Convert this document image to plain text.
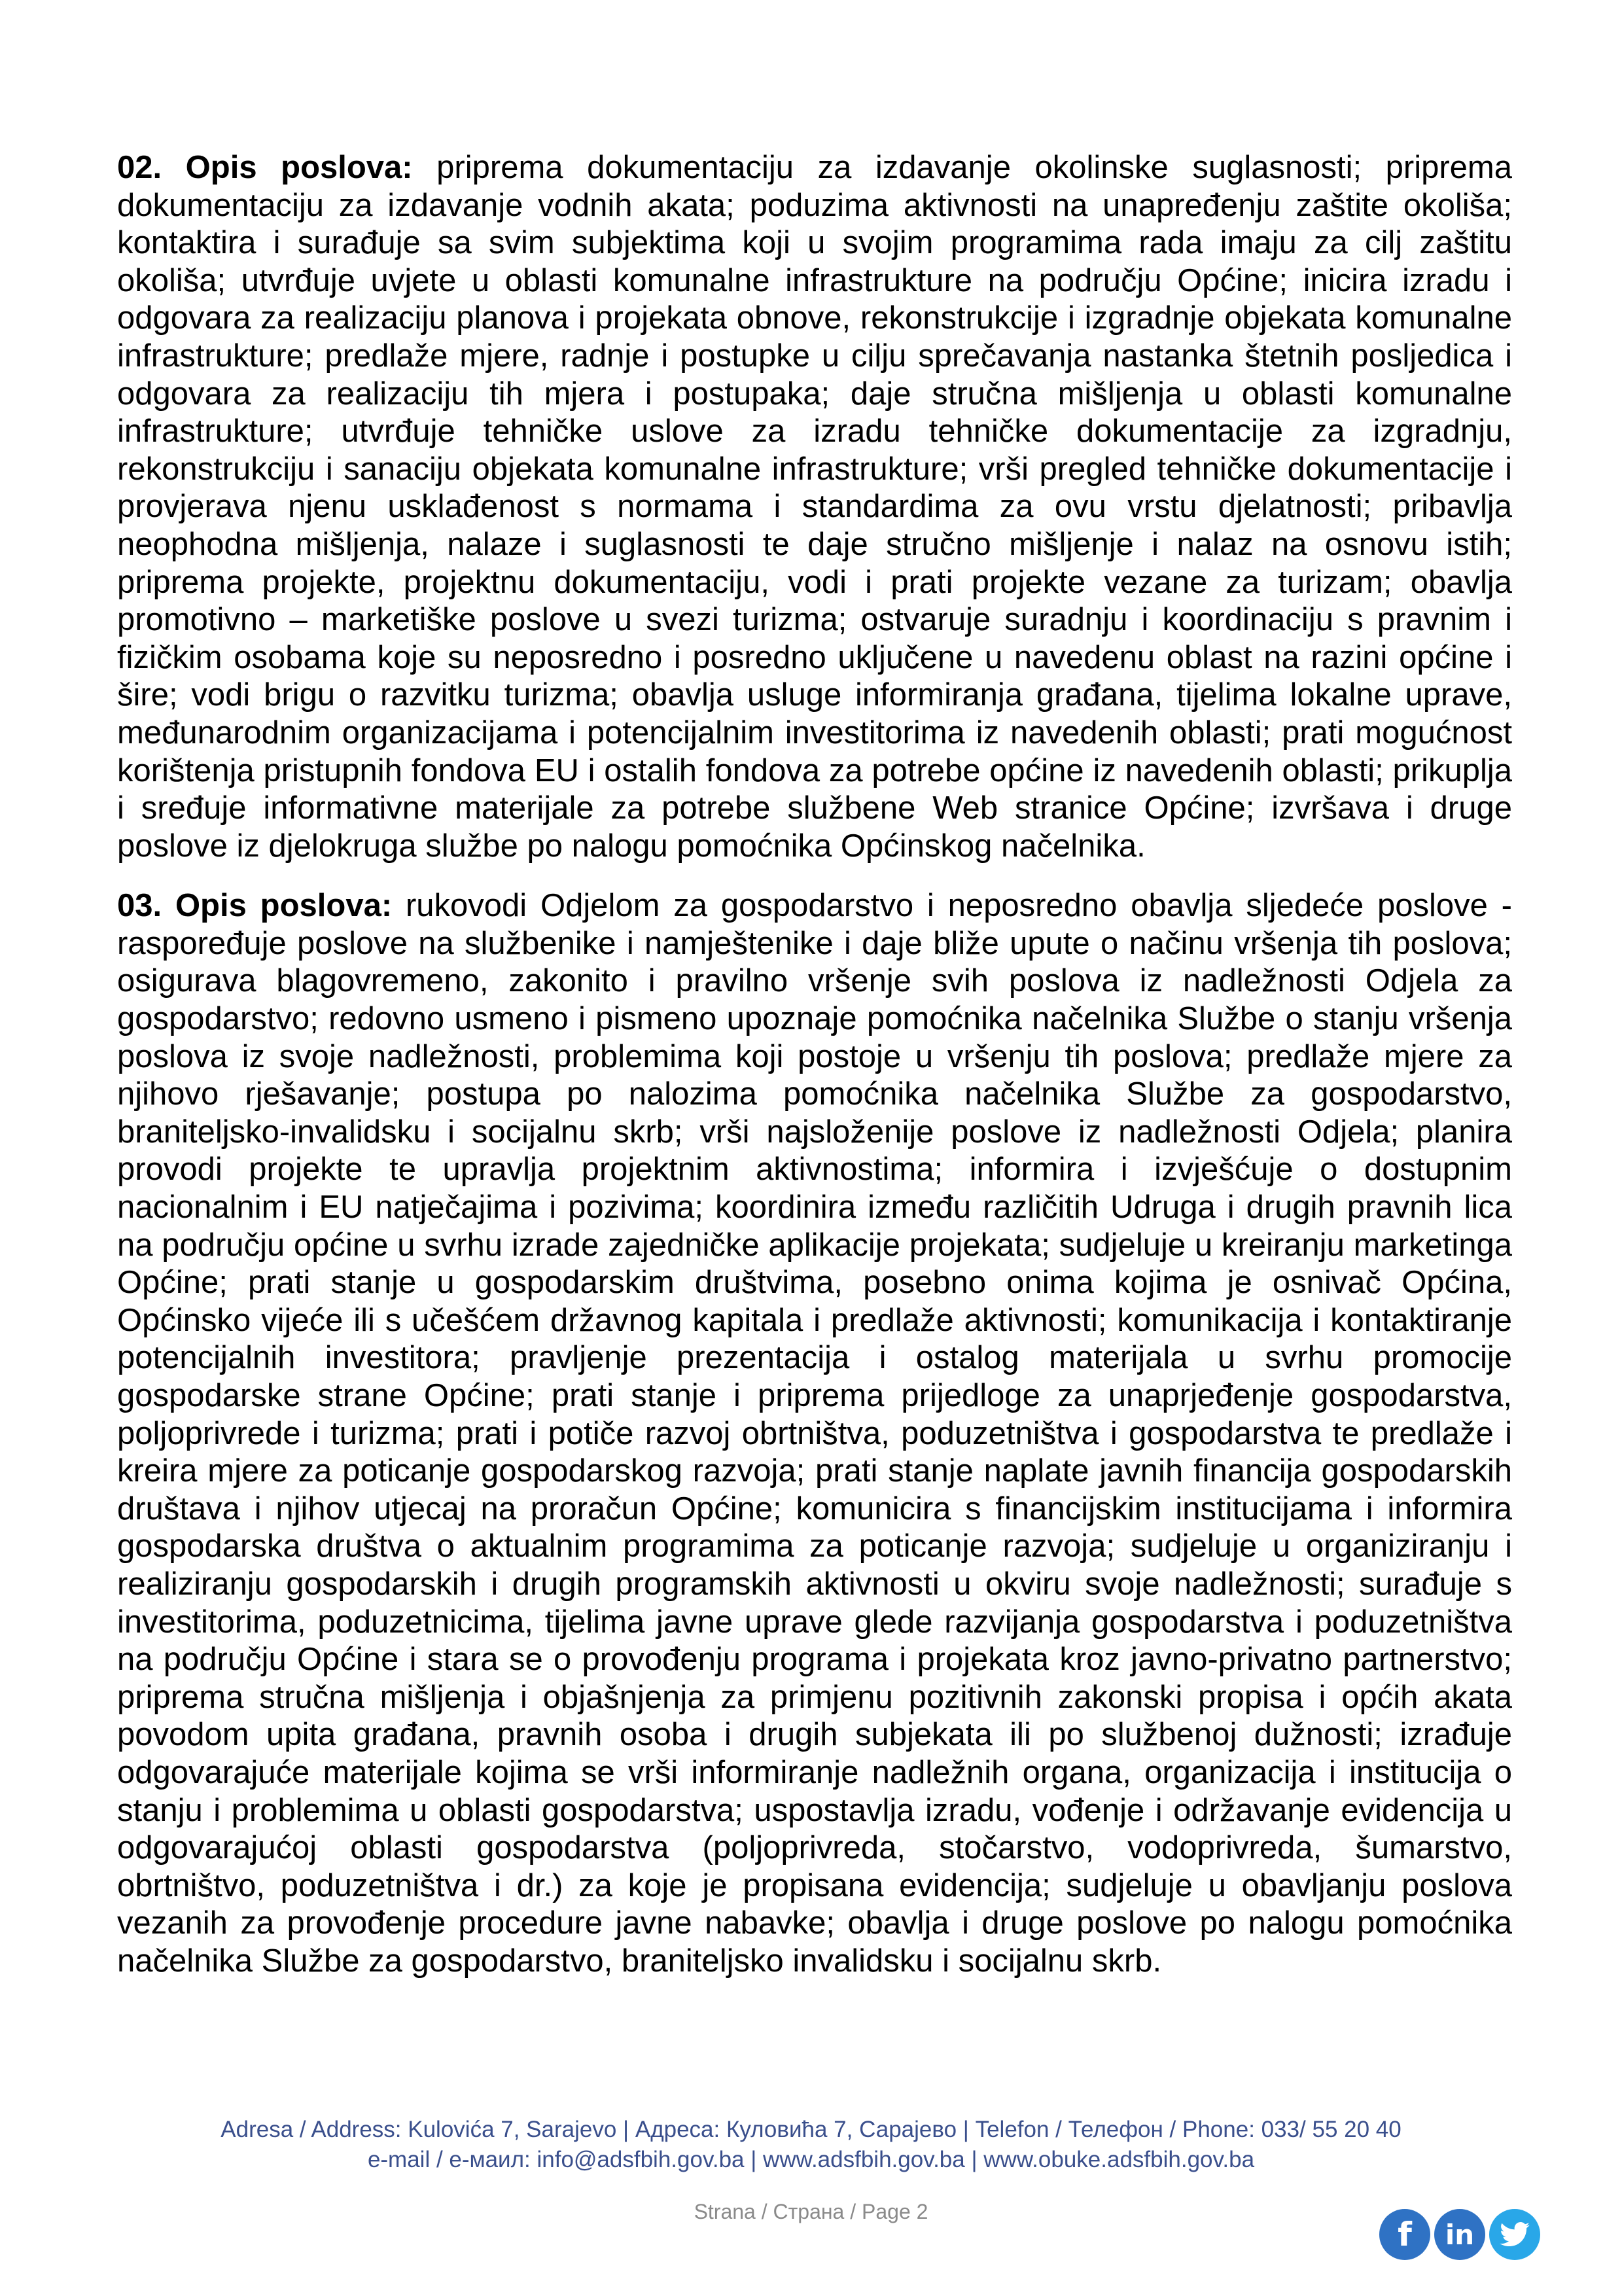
02. Opis poslova: priprema dokumentaciju za izdavanje okolinske suglasnosti; priprema dokumentaciju za izdavanje vodnih akata; poduzima aktivnosti na unapređenju zaštite okoliša; kontaktira i surađuje sa svim subjektima koji u svojim programima rada imaju za cilj zaštitu okoliša; utvrđuje uvjete u oblasti komunalne infrastrukture na području Općine; inicira izradu i odgovara za realizaciju planova i projekata obnove, rekonstrukcije i izgradnje objekata komunalne infrastrukture; predlaže mjere, radnje i postupke u cilju sprečavanja nastanka štetnih posljedica i odgovara za realizaciju tih mjera i postupaka; daje stručna mišljenja u oblasti komunalne infrastrukture; utvrđuje tehničke uslove za izradu tehničke dokumentacije za izgradnju, rekonstrukciju i sanaciju objekata komunalne infrastrukture; vrši pregled tehničke dokumentacije i provjerava njenu usklađenost s normama i standardima za ovu vrstu djelatnosti; pribavlja neophodna mišljenja, nalaze i suglasnosti te daje stručno mišljenje i nalaz na osnovu istih; priprema projekte, projektnu dokumentaciju, vodi i prati projekte vezane za turizam; obavlja promotivno – marketiške poslove u svezi turizma; ostvaruje suradnju i koordinaciju s pravnim i fizičkim osobama koje su neposredno i posredno uključene u navedenu oblast na razini općine i šire; vodi brigu o razvitku turizma; obavlja usluge informiranja građana, tijelima lokalne uprave, međunarodnim organizacijama i potencijalnim investitorima iz navedenih oblasti; prati mogućnost korištenja pristupnih fondova EU i ostalih fondova za potrebe općine iz navedenih oblasti; prikuplja i sređuje informativne materijale za potrebe službene Web stranice Općine; izvršava i druge poslove iz djelokruga službe po nalogu pomoćnika Općinskog načelnika.

03. Opis poslova: rukovodi Odjelom za gospodarstvo i neposredno obavlja sljedeće poslove - raspoređuje poslove na službenike i namještenike i daje bliže upute o načinu vršenja tih poslova; osigurava blagovremeno, zakonito i pravilno vršenje svih poslova iz nadležnosti Odjela za gospodarstvo; redovno usmeno i pismeno upoznaje pomoćnika načelnika Službe o stanju vršenja poslova iz svoje nadležnosti, problemima koji postoje u vršenju tih poslova; predlaže mjere za njihovo rješavanje; postupa po nalozima pomoćnika načelnika Službe za gospodarstvo, braniteljsko-invalidsku i socijalnu skrb; vrši najsloženije poslove iz nadležnosti Odjela; planira provodi projekte te upravlja projektnim aktivnostima; informira i izvješćuje o dostupnim nacionalnim i EU natječajima i pozivima; koordinira između različitih Udruga i drugih pravnih lica na području općine u svrhu izrade zajedničke aplikacije projekata; sudjeluje u kreiranju marketinga Općine; prati stanje u gospodarskim društvima, posebno onima kojima je osnivač Općina, Općinsko vijeće ili s učešćem državnog kapitala i predlaže aktivnosti; komunikacija i kontaktiranje potencijalnih investitora; pravljenje prezentacija i ostalog materijala u svrhu promocije gospodarske strane Općine; prati stanje i priprema prijedloge za unaprjeđenje gospodarstva, poljoprivrede i turizma; prati i potiče razvoj obrtništva, poduzetništva i gospodarstva te predlaže i kreira mjere za poticanje gospodarskog razvoja; prati stanje naplate javnih financija gospodarskih društava i njihov utjecaj na proračun Općine; komunicira s financijskim institucijama i informira gospodarska društva o aktualnim programima za poticanje razvoja; sudjeluje u organiziranju i realiziranju gospodarskih i drugih programskih aktivnosti u okviru svoje nadležnosti; surađuje s investitorima, poduzetnicima, tijelima javne uprave glede razvijanja gospodarstva i poduzetništva na području Općine i stara se o provođenju programa i projekata kroz javno-privatno partnerstvo; priprema stručna mišljenja i objašnjenja za primjenu pozitivnih zakonski propisa i općih akata povodom upita građana, pravnih osoba i drugih subjekata ili po službenoj dužnosti; izrađuje odgovarajuće materijale kojima se vrši informiranje nadležnih organa, organizacija i institucija o stanju i problemima u oblasti gospodarstva; uspostavlja izradu, vođenje i održavanje evidencija u odgovarajućoj oblasti gospodarstva (poljoprivreda, stočarstvo, vodoprivreda, šumarstvo, obrtništvo, poduzetništva i dr.) za koje je propisana evidencija; sudjeluje u obavljanju poslova vezanih za provođenje procedure javne nabavke; obavlja i druge poslove po nalogu pomoćnika načelnika Službe za gospodarstvo, braniteljsko invalidsku i socijalnu skrb.

Adresa / Address: Kulovića 7, Sarajevo | Адреса: Куловића 7, Сарајево | Telefon / Телефон / Phone: 033/ 55 20 40
e-mail / е-маил: info@adsfbih.gov.ba | www.adsfbih.gov.ba | www.obuke.adsfbih.gov.ba
Strana / Страна / Page 2
f	in
